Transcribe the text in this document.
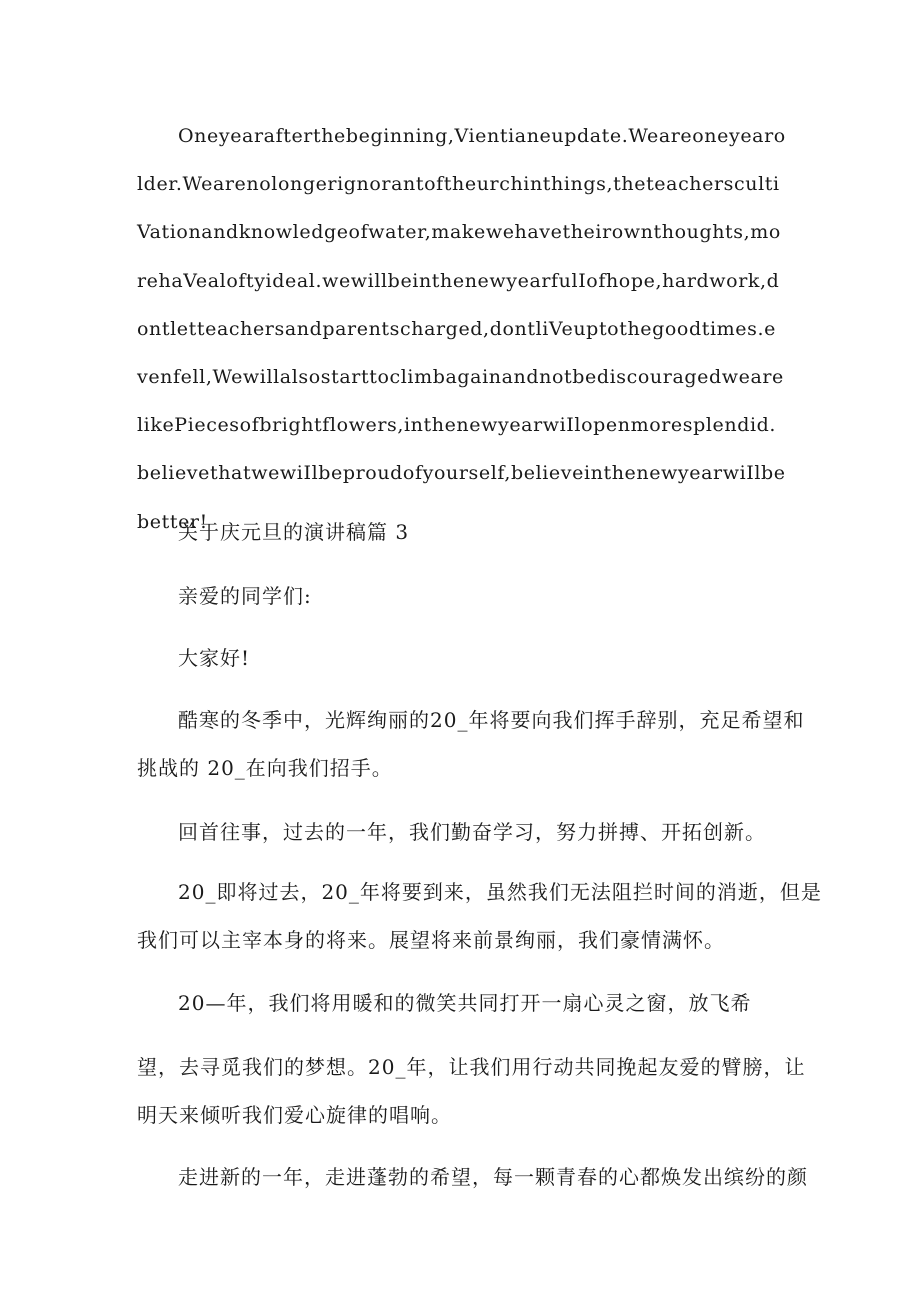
Oneyearafterthebeginning,Vientianeupdate.Weareoneyearolder.Wearenolongerignorantoftheurchinthings,theteacherscultiVationandknowledgeofwater,makewehavetheirownthoughts,morehaVealoftyideal.wewillbeinthenewyearfulIofhope,hardwork,dontletteachersandparentscharged,dontliVeuptothegoodtimes.evenfell,WewillalsostarttoclimbagainandnotbediscouragedwearelikePiecesofbrightflowers,inthenewyearwiIlopenmoresplendid.believethatwewiIlbeproudofyourself,believeinthenewyearwiIlbebetter!

关于庆元旦的演讲稿篇 3

亲爱的同学们:

大家好!

酷寒的冬季中，光辉绚丽的20_年将要向我们挥手辞别，充足希望和

挑战的 20_在向我们招手。

回首往事，过去的一年，我们勤奋学习，努力拼搏、开拓创新。

20_即将过去，20_年将要到来，虽然我们无法阻拦时间的消逝，但是

我们可以主宰本身的将来。展望将来前景绚丽，我们豪情满怀。

20—年，我们将用暖和的微笑共同打开一扇心灵之窗，放飞希

望，去寻觅我们的梦想。20_年，让我们用行动共同挽起友爱的臂膀，让

明天来倾听我们爱心旋律的唱响。

走进新的一年，走进蓬勃的希望，每一颗青春的心都焕发出缤纷的颜
